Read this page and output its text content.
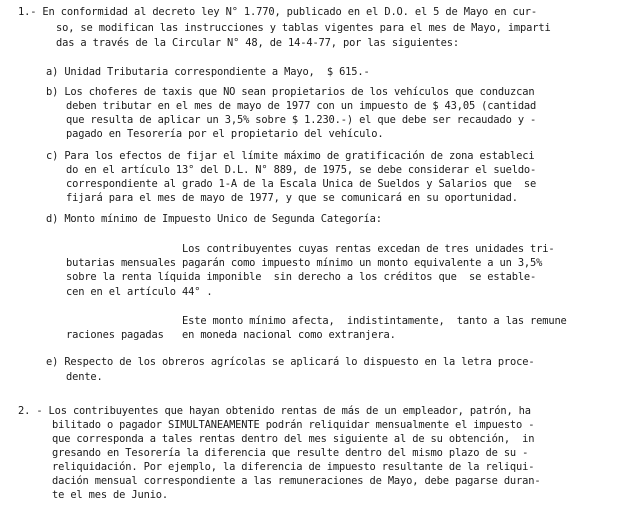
1.- En conformidad al decreto ley N° 1.770, publicado en el D.O. el 5 de Mayo en cur-
so, se modifican las instrucciones y tablas vigentes para el mes de Mayo, imparti
das a través de la Circular N° 48, de 14-4-77, por las siguientes:
a) Unidad Tributaria correspondiente a Mayo,  $ 615.-
b) Los choferes de taxis que NO sean propietarios de los vehículos que conduzcan
deben tributar en el mes de mayo de 1977 con un impuesto de $ 43,05 (cantidad
que resulta de aplicar un 3,5% sobre $ 1.230.-) el que debe ser recaudado y -
pagado en Tesorería por el propietario del vehículo.
c) Para los efectos de fijar el límite máximo de gratificación de zona estableci
do en el artículo 13° del D.L. N° 889, de 1975, se debe considerar el sueldo-
correspondiente al grado 1-A de la Escala Unica de Sueldos y Salarios que  se
fijará para el mes de mayo de 1977, y que se comunicará en su oportunidad.
d) Monto mínimo de Impuesto Unico de Segunda Categoría:
Los contribuyentes cuyas rentas excedan de tres unidades tri-
butarias mensuales pagarán como impuesto mínimo un monto equivalente a un 3,5%
sobre la renta líquida imponible  sin derecho a los créditos que  se estable-
cen en el artículo 44° .
Este monto mínimo afecta,  indistintamente,  tanto a las remune
raciones pagadas   en moneda nacional como extranjera.
e) Respecto de los obreros agrícolas se aplicará lo dispuesto en la letra proce-
dente.
2. - Los contribuyentes que hayan obtenido rentas de más de un empleador, patrón, ha
bilitado o pagador SIMULTANEAMENTE podrán reliquidar mensualmente el impuesto -
que corresponda a tales rentas dentro del mes siguiente al de su obtención,  in
gresando en Tesorería la diferencia que resulte dentro del mismo plazo de su -
reliquidación. Por ejemplo, la diferencia de impuesto resultante de la reliqui-
dación mensual correspondiente a las remuneraciones de Mayo, debe pagarse duran-
te el mes de Junio.
